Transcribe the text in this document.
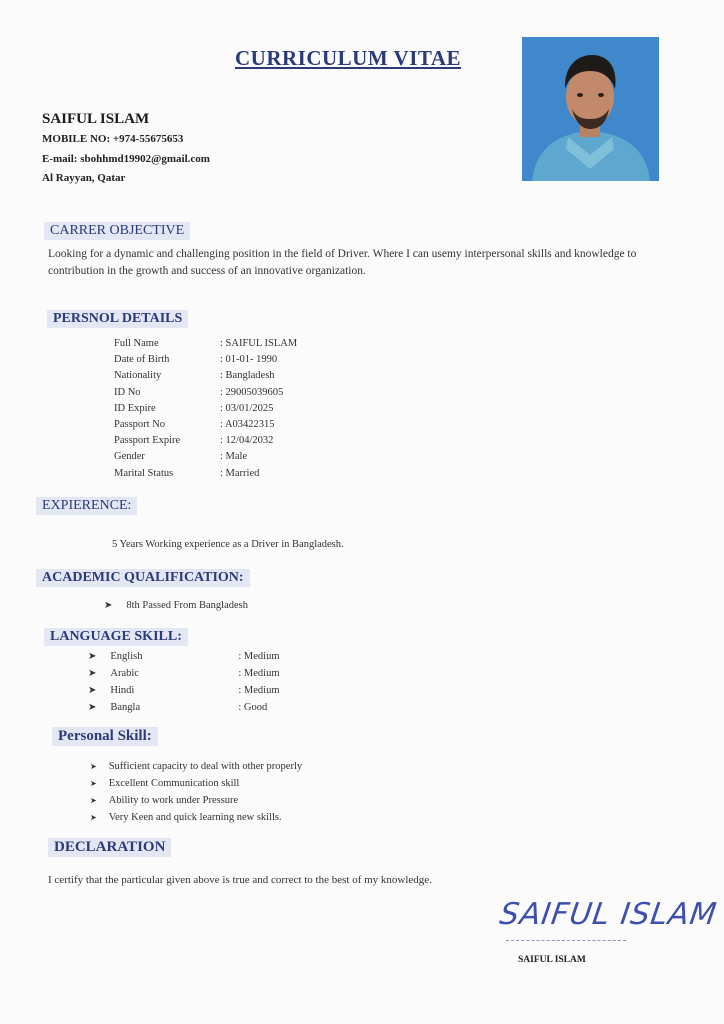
CURRICULUM VITAE
SAIFUL ISLAM
MOBILE NO: +974-55675653
E-mail: sbohhmd19902@gmail.com
Al Rayyan, Qatar
CARRER OBJECTIVE
Looking for a dynamic and challenging position in the field of Driver. Where I can usemy interpersonal skills and knowledge to contribution in the growth and success of an innovative organization.
PERSNOL DETAILS
Full Name	: SAIFUL ISLAM
Date of Birth	: 01-01- 1990
Nationality	: Bangladesh
ID No	: 29005039605
ID Expire	: 03/01/2025
Passport No	: A03422315
Passport Expire	: 12/04/2032
Gender	: Male
Marital Status	: Married
EXPIERENCE:
5 Years Working experience as a Driver in Bangladesh.
ACADEMIC QUALIFICATION:
➤ 8th Passed From Bangladesh
LANGUAGE SKILL:
➤ English	: Medium
➤ Arabic	: Medium
➤ Hindi	: Medium
➤ Bangla	: Good
Personal Skill:
➤ Sufficient capacity to deal with other properly
➤ Excellent Communication skill
➤ Ability to work under Pressure
➤ Very Keen and quick learning new skills.
DECLARATION
I certify that the particular given above is true and correct to the best of my knowledge.
SAIFUL ISLAM
SAIFUL ISLAM
